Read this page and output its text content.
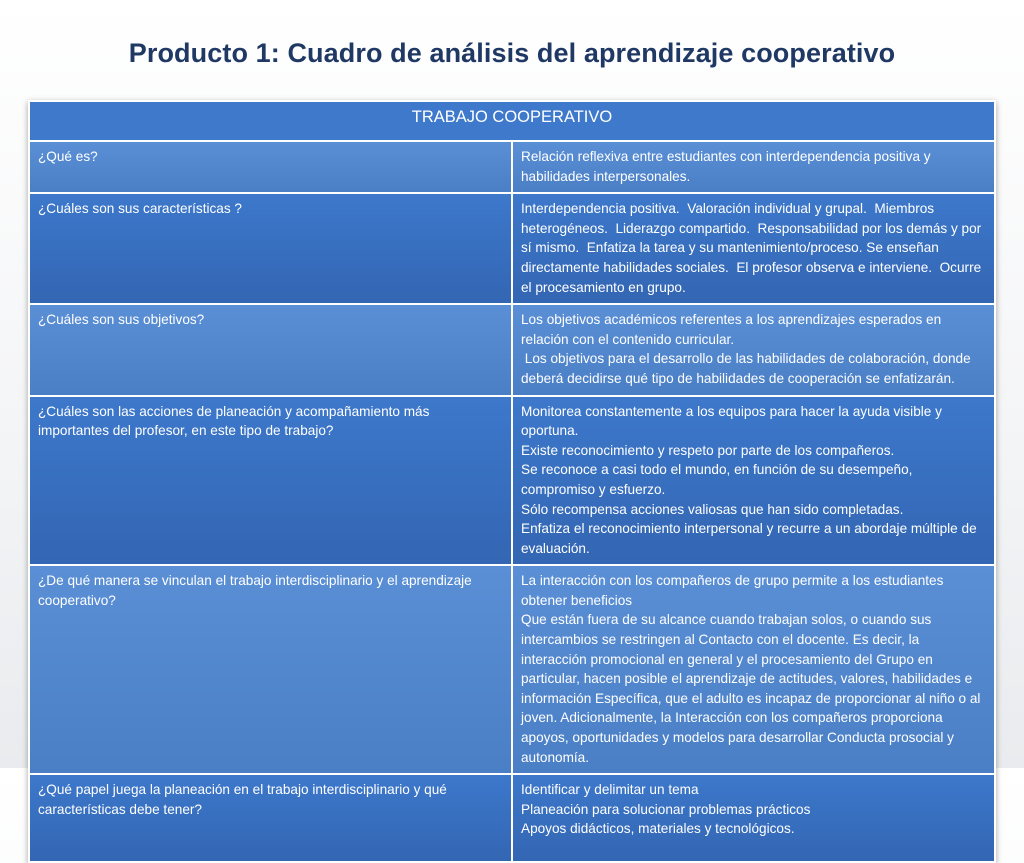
Producto 1: Cuadro de análisis del aprendizaje cooperativo
TRABAJO COOPERATIVO	
¿Qué es?	Relación reflexiva entre estudiantes con interdependencia positiva y habilidades interpersonales.

¿Cuáles son sus características ?	Interdependencia positiva.  Valoración individual y grupal.  Miembros heterogéneos.  Liderazgo compartido.  Responsabilidad por los demás y por sí mismo.  Enfatiza la tarea y su mantenimiento/proceso. Se enseñan directamente habilidades sociales.  El profesor observa e interviene.  Ocurre el procesamiento en grupo.

¿Cuáles son sus objetivos?	Los objetivos académicos referentes a los aprendizajes esperados en relación con el contenido curricular.
Los objetivos para el desarrollo de las habilidades de colaboración, donde deberá decidirse qué tipo de habilidades de cooperación se enfatizarán.

¿Cuáles son las acciones de planeación y acompañamiento más importantes del profesor, en este tipo de trabajo?	Monitorea constantemente a los equipos para hacer la ayuda visible y oportuna.
Existe reconocimiento y respeto por parte de los compañeros.
Se reconoce a casi todo el mundo, en función de su desempeño, compromiso y esfuerzo.
Sólo recompensa acciones valiosas que han sido completadas.
Enfatiza el reconocimiento interpersonal y recurre a un abordaje múltiple de evaluación.

¿De qué manera se vinculan el trabajo interdisciplinario y el aprendizaje cooperativo?	La interacción con los compañeros de grupo permite a los estudiantes obtener beneficios
Que están fuera de su alcance cuando trabajan solos, o cuando sus intercambios se restringen al Contacto con el docente. Es decir, la interacción promocional en general y el procesamiento del Grupo en particular, hacen posible el aprendizaje de actitudes, valores, habilidades e información Específica, que el adulto es incapaz de proporcionar al niño o al joven. Adicionalmente, la Interacción con los compañeros proporciona apoyos, oportunidades y modelos para desarrollar Conducta prosocial y autonomía.

¿Qué papel juega la planeación en el trabajo interdisciplinario y qué características debe tener?	Identificar y delimitar un tema
Planeación para solucionar problemas prácticos
Apoyos didácticos, materiales y tecnológicos.
